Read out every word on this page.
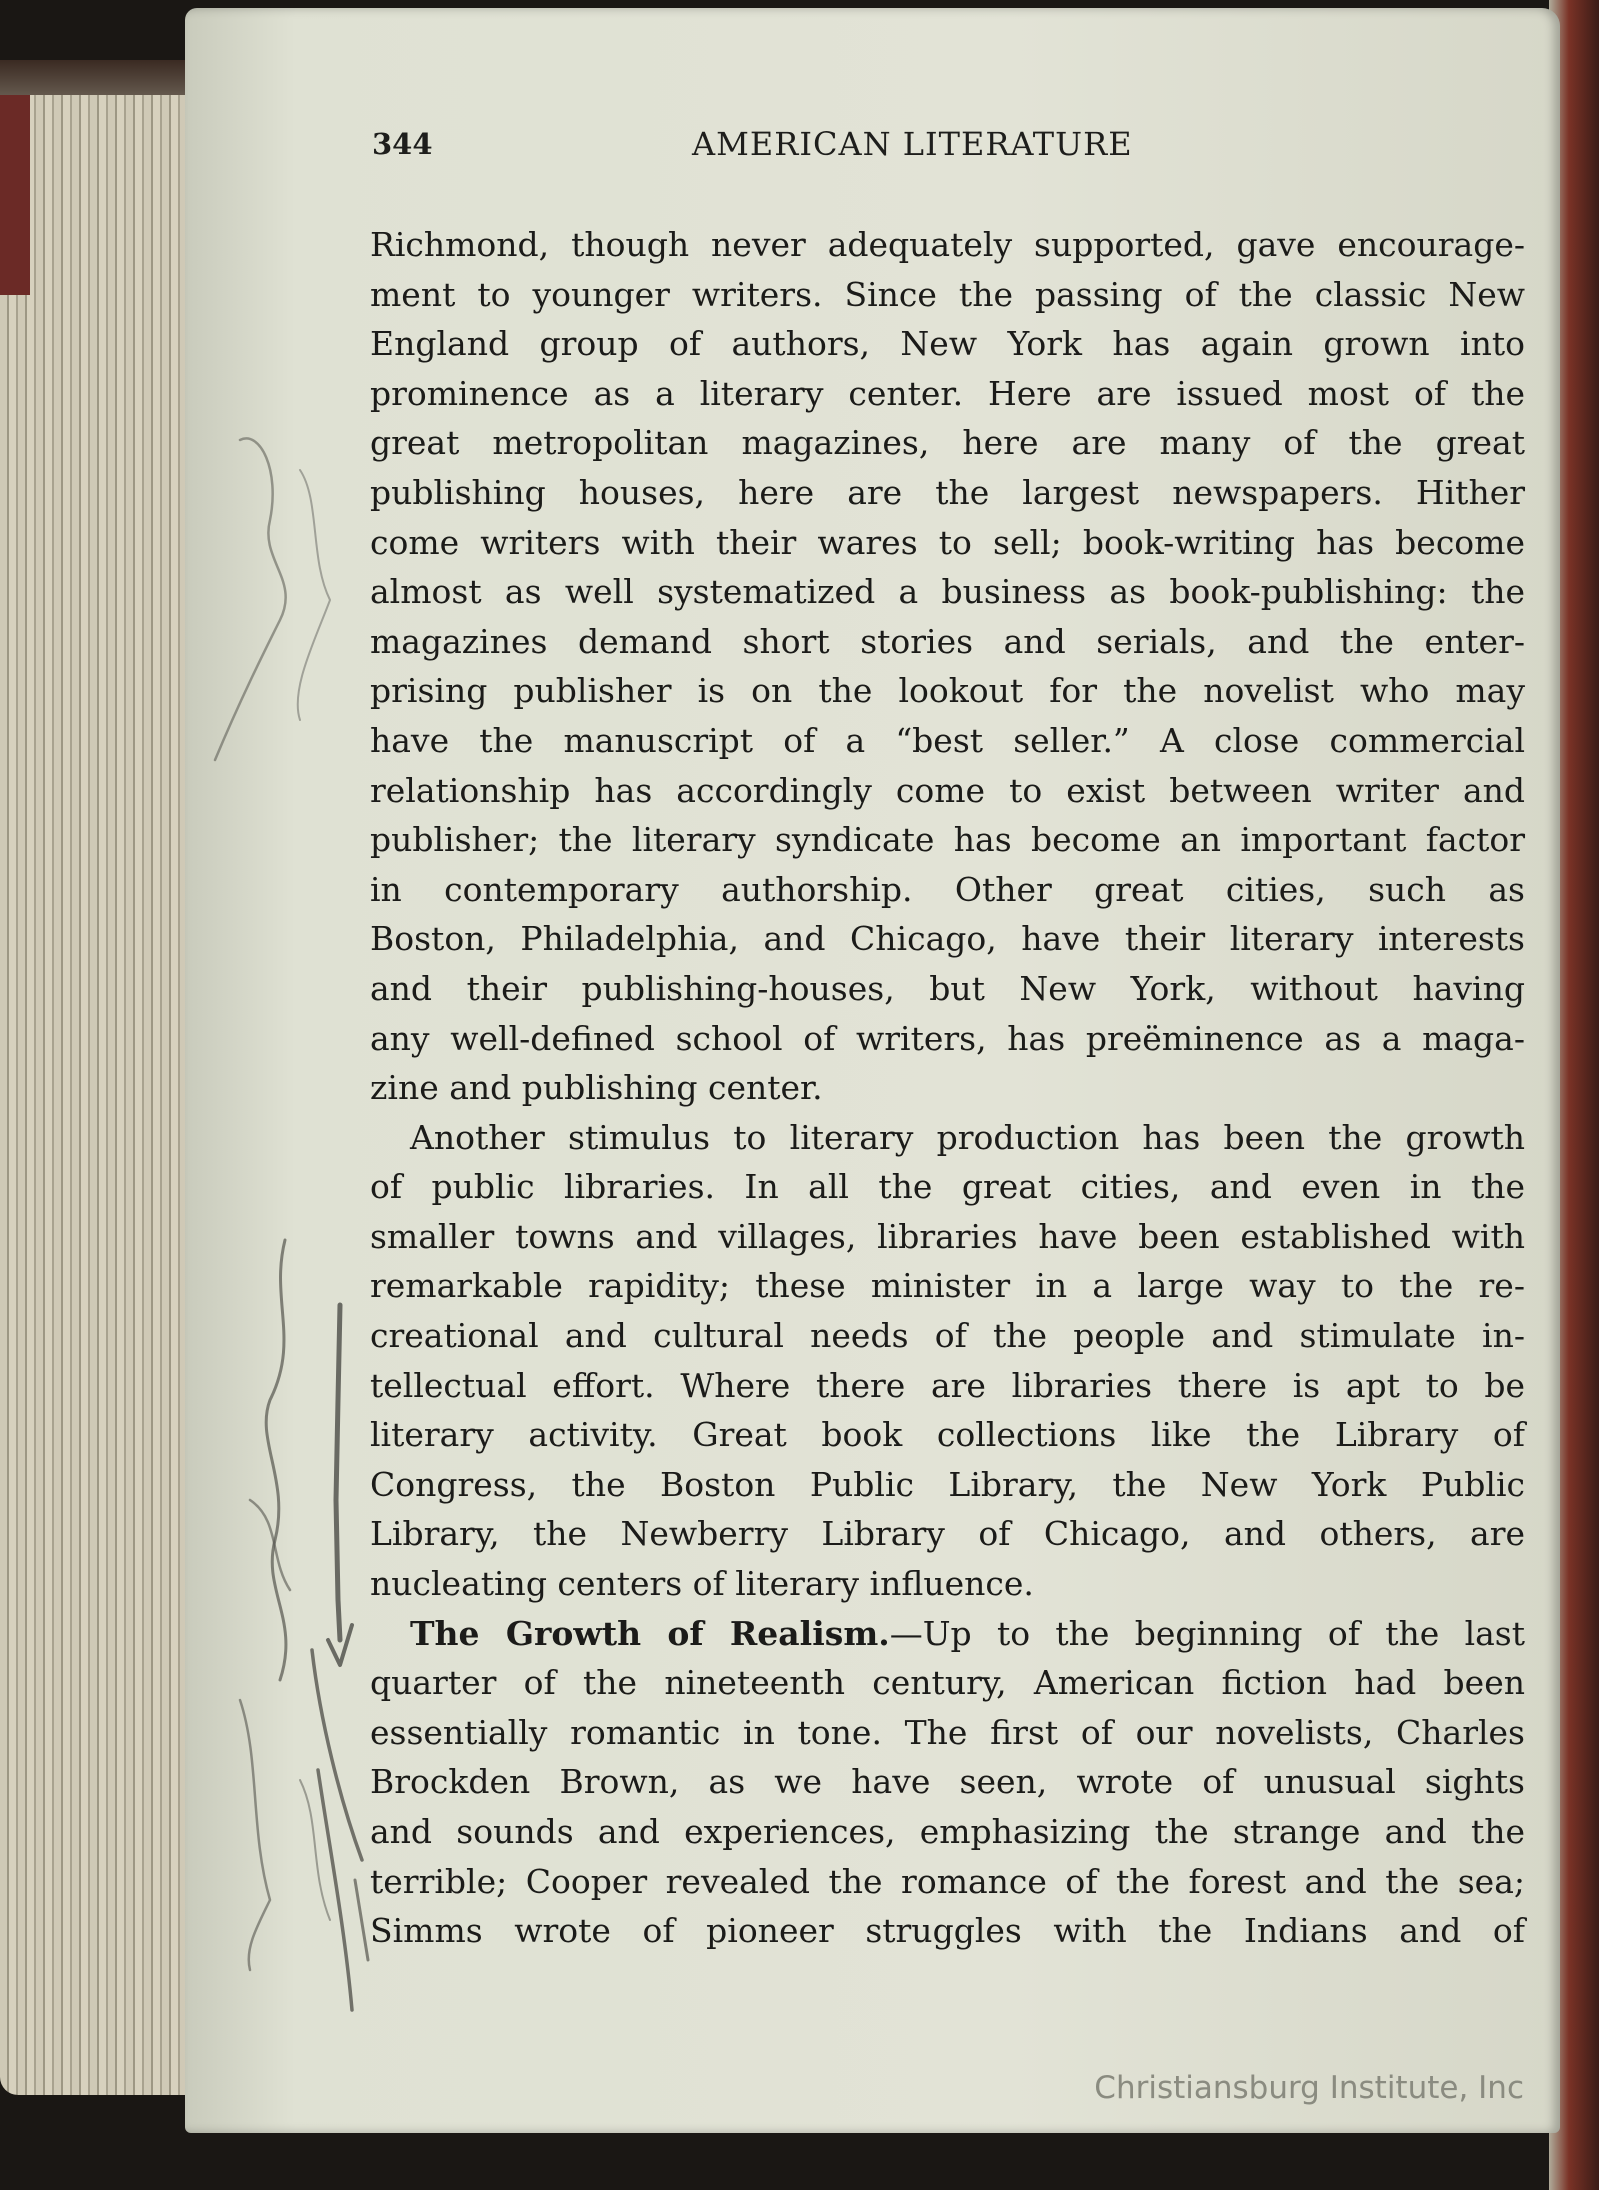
344	AMERICAN LITERATURE
Richmond, though never adequately supported, gave encourage-
ment to younger writers. Since the passing of the classic New
England group of authors, New York has again grown into
prominence as a literary center. Here are issued most of the
great metropolitan magazines, here are many of the great
publishing houses, here are the largest newspapers. Hither
come writers with their wares to sell; book-writing has become
almost as well systematized a business as book-publishing: the
magazines demand short stories and serials, and the enter-
prising publisher is on the lookout for the novelist who may
have the manuscript of a “best seller.” A close commercial
relationship has accordingly come to exist between writer and
publisher; the literary syndicate has become an important factor
in contemporary authorship. Other great cities, such as
Boston, Philadelphia, and Chicago, have their literary interests
and their publishing-houses, but New York, without having
any well-defined school of writers, has preëminence as a maga-
zine and publishing center.
Another stimulus to literary production has been the growth
of public libraries. In all the great cities, and even in the
smaller towns and villages, libraries have been established with
remarkable rapidity; these minister in a large way to the re-
creational and cultural needs of the people and stimulate in-
tellectual effort. Where there are libraries there is apt to be
literary activity. Great book collections like the Library of
Congress, the Boston Public Library, the New York Public
Library, the Newberry Library of Chicago, and others, are
nucleating centers of literary influence.
The Growth of Realism.—Up to the beginning of the last
quarter of the nineteenth century, American fiction had been
essentially romantic in tone. The first of our novelists, Charles
Brockden Brown, as we have seen, wrote of unusual sights
and sounds and experiences, emphasizing the strange and the
terrible; Cooper revealed the romance of the forest and the sea;
Simms wrote of pioneer struggles with the Indians and of
Christiansburg Institute, Inc
